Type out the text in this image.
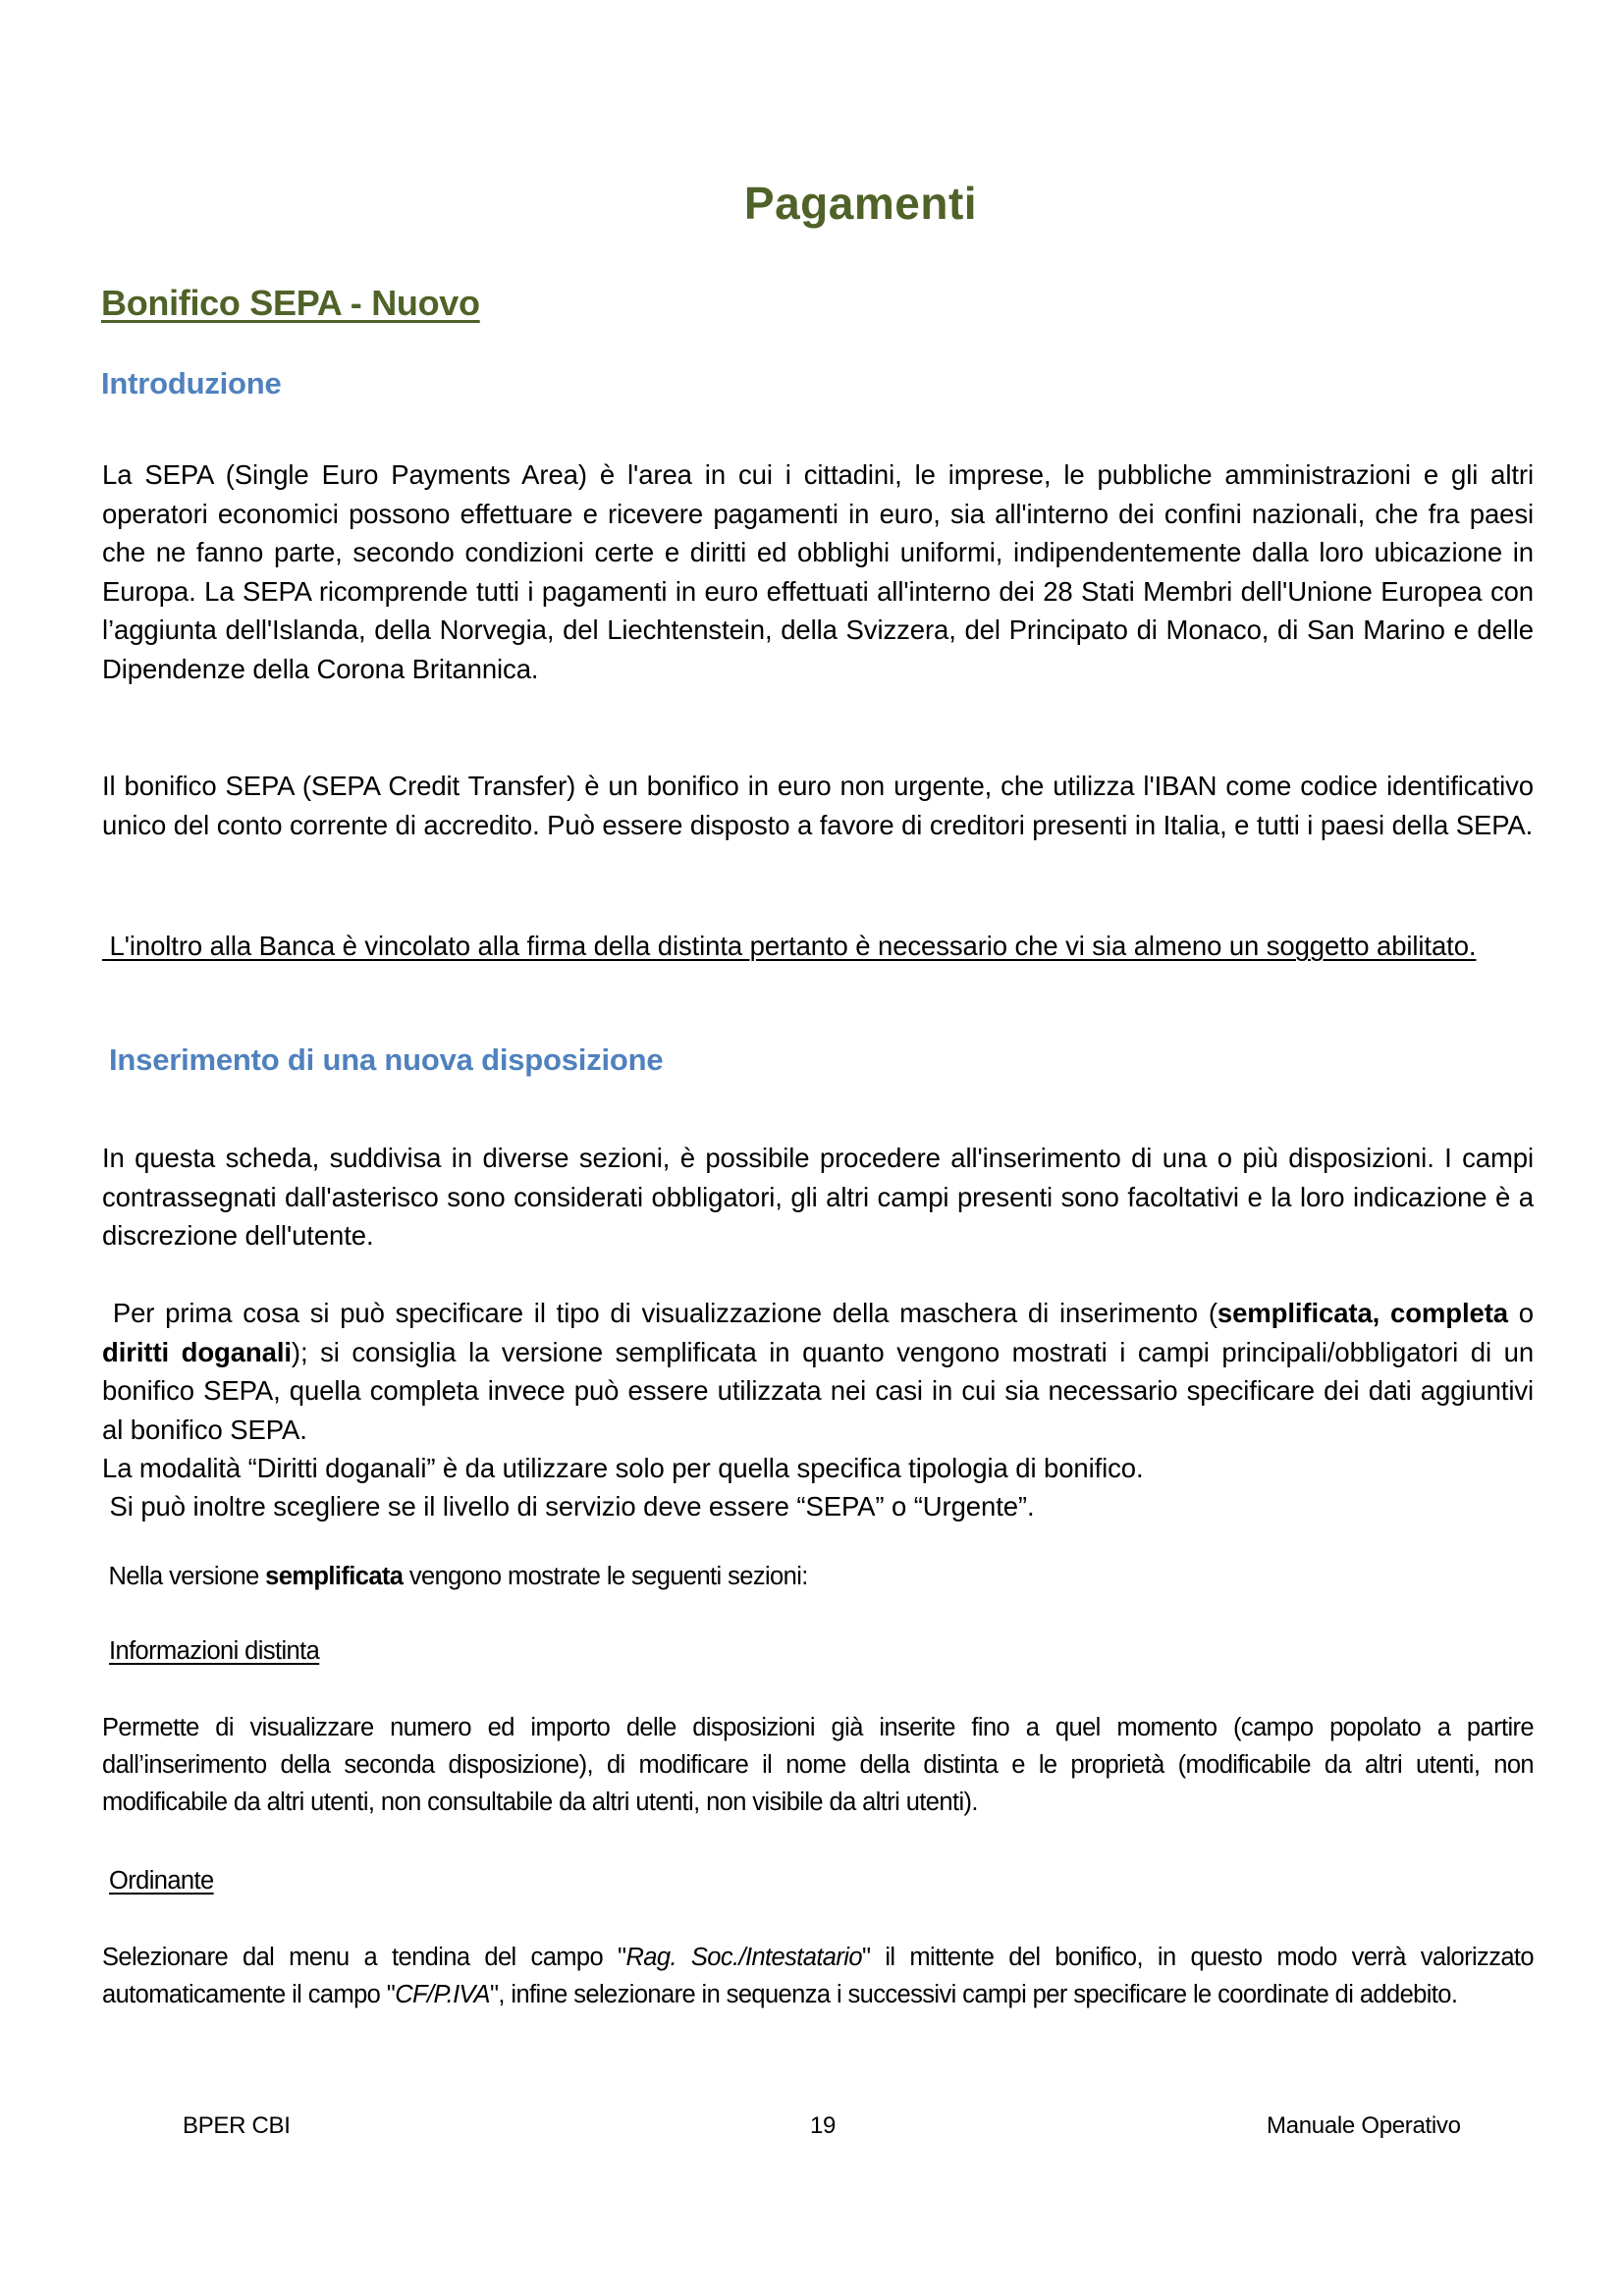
Pagamenti
Bonifico SEPA - Nuovo
Introduzione

La SEPA (Single Euro Payments Area) è l'area in cui i cittadini, le imprese, le pubbliche amministrazioni e gli altri operatori economici possono effettuare e ricevere pagamenti in euro, sia all'interno dei confini nazionali, che fra paesi che ne fanno parte, secondo condizioni certe e diritti ed obblighi uniformi, indipendentemente dalla loro ubicazione in Europa. La SEPA ricomprende tutti i pagamenti in euro effettuati all'interno dei 28 Stati Membri dell'Unione Europea con l’aggiunta dell'Islanda, della Norvegia, del Liechtenstein, della Svizzera, del Principato di Monaco, di San Marino e delle Dipendenze della Corona Britannica.

Il bonifico SEPA (SEPA Credit Transfer) è un bonifico in euro non urgente, che utilizza l'IBAN come codice identificativo unico del conto corrente di accredito. Può essere disposto a favore di creditori presenti in Italia, e tutti i paesi della SEPA.

L'inoltro alla Banca è vincolato alla firma della distinta pertanto è necessario che vi sia almeno un soggetto abilitato.

Inserimento di una nuova disposizione

In questa scheda, suddivisa in diverse sezioni, è possibile procedere all'inserimento di una o più disposizioni. I campi contrassegnati dall'asterisco sono considerati obbligatori, gli altri campi presenti sono facoltativi e la loro indicazione è a discrezione dell'utente.

Per prima cosa si può specificare il tipo di visualizzazione della maschera di inserimento (semplificata, completa o diritti doganali); si consiglia la versione semplificata in quanto vengono mostrati i campi principali/obbligatori di un bonifico SEPA, quella completa invece può essere utilizzata nei casi in cui sia necessario specificare dei dati aggiuntivi al bonifico SEPA.
La modalità “Diritti doganali” è da utilizzare solo per quella specifica tipologia di bonifico.
Si può inoltre scegliere se il livello di servizio deve essere “SEPA” o “Urgente”.
Nella versione semplificata vengono mostrate le seguenti sezioni:
Informazioni distinta

Permette di visualizzare numero ed importo delle disposizioni già inserite fino a quel momento (campo popolato a partire dall’inserimento della seconda disposizione), di modificare il nome della distinta e le proprietà (modificabile da altri utenti, non modificabile da altri utenti, non consultabile da altri utenti, non visibile da altri utenti).

Ordinante

Selezionare dal menu a tendina del campo "Rag. Soc./Intestatario" il mittente del bonifico, in questo modo verrà valorizzato automaticamente il campo "CF/P.IVA", infine selezionare in sequenza i successivi campi per specificare le coordinate di addebito.

BPER CBI	19	Manuale Operativo
